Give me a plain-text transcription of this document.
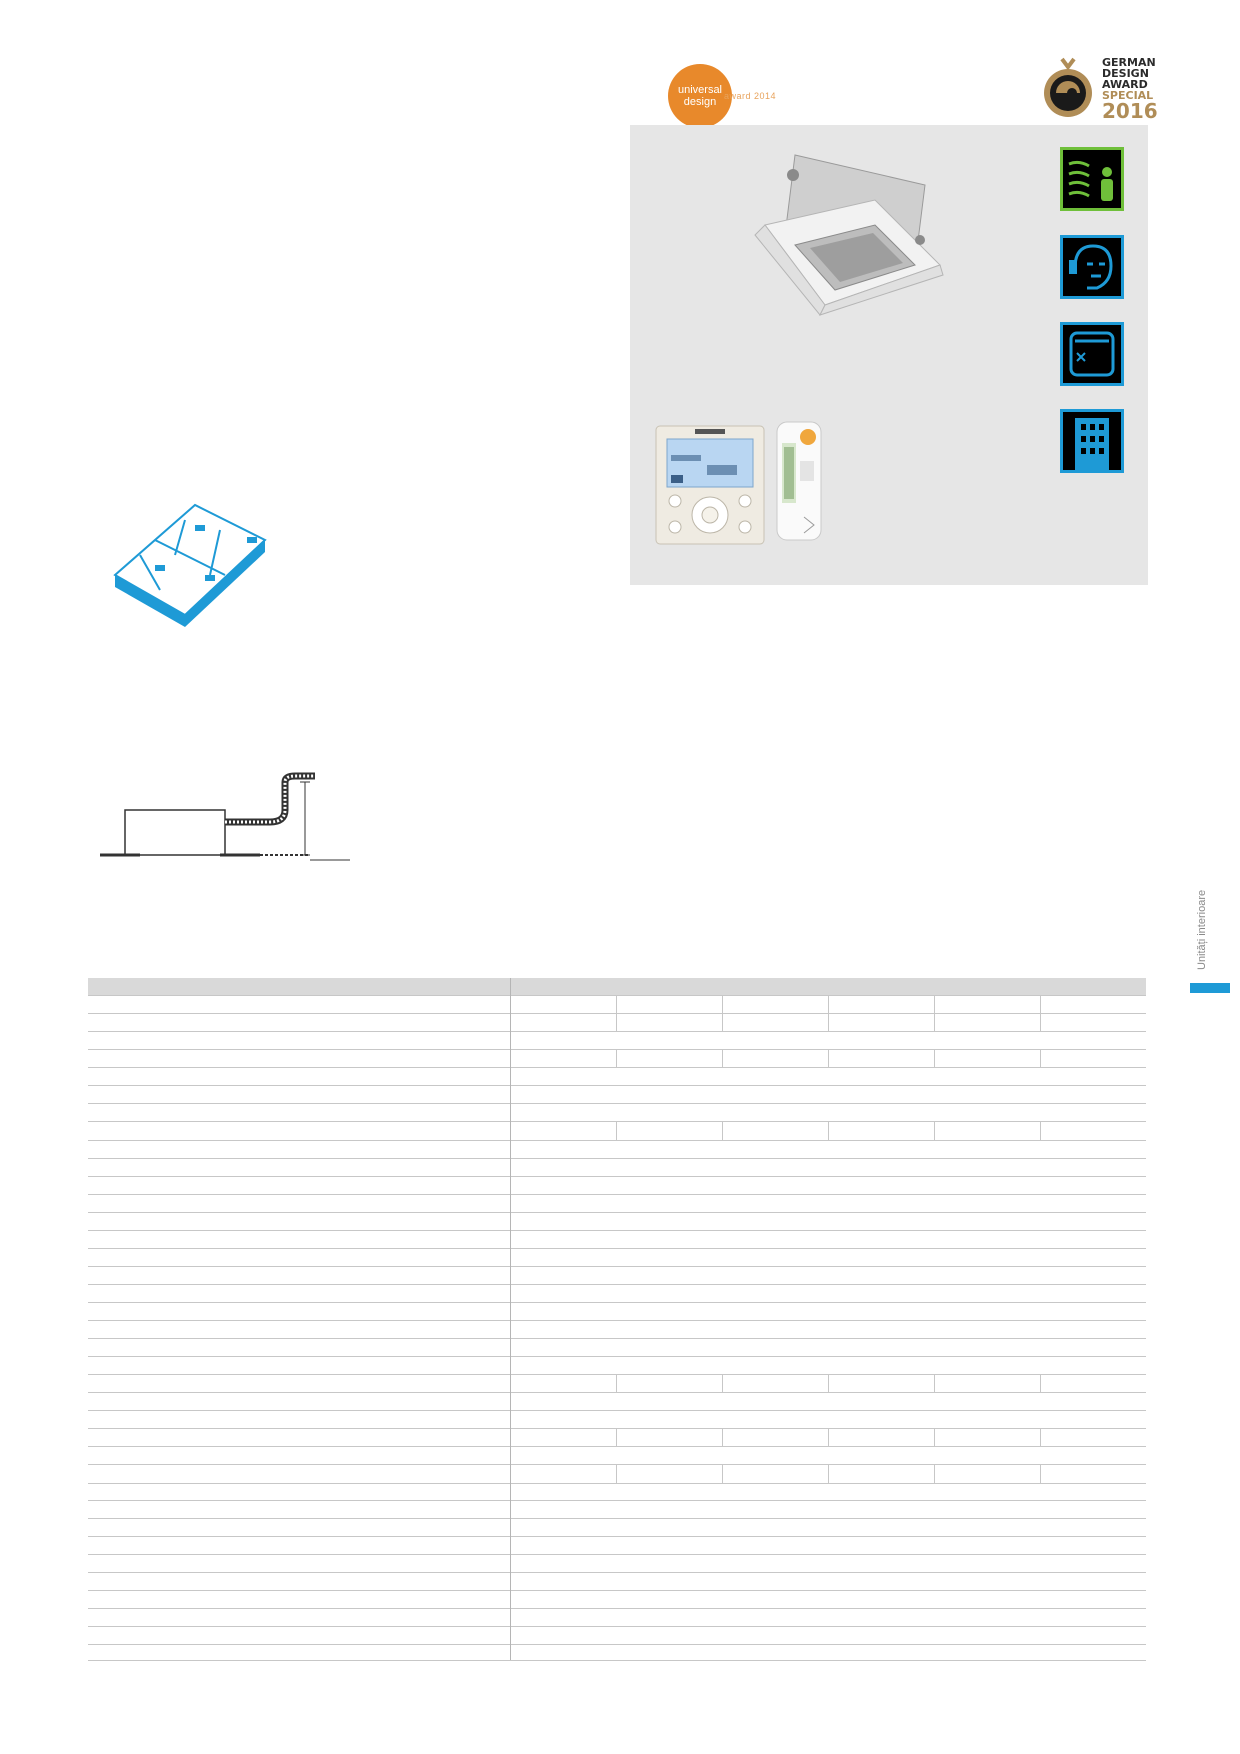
universal
design award 2014
GERMAN
DESIGN
AWARD
SPECIAL
2016
Unități interioare
